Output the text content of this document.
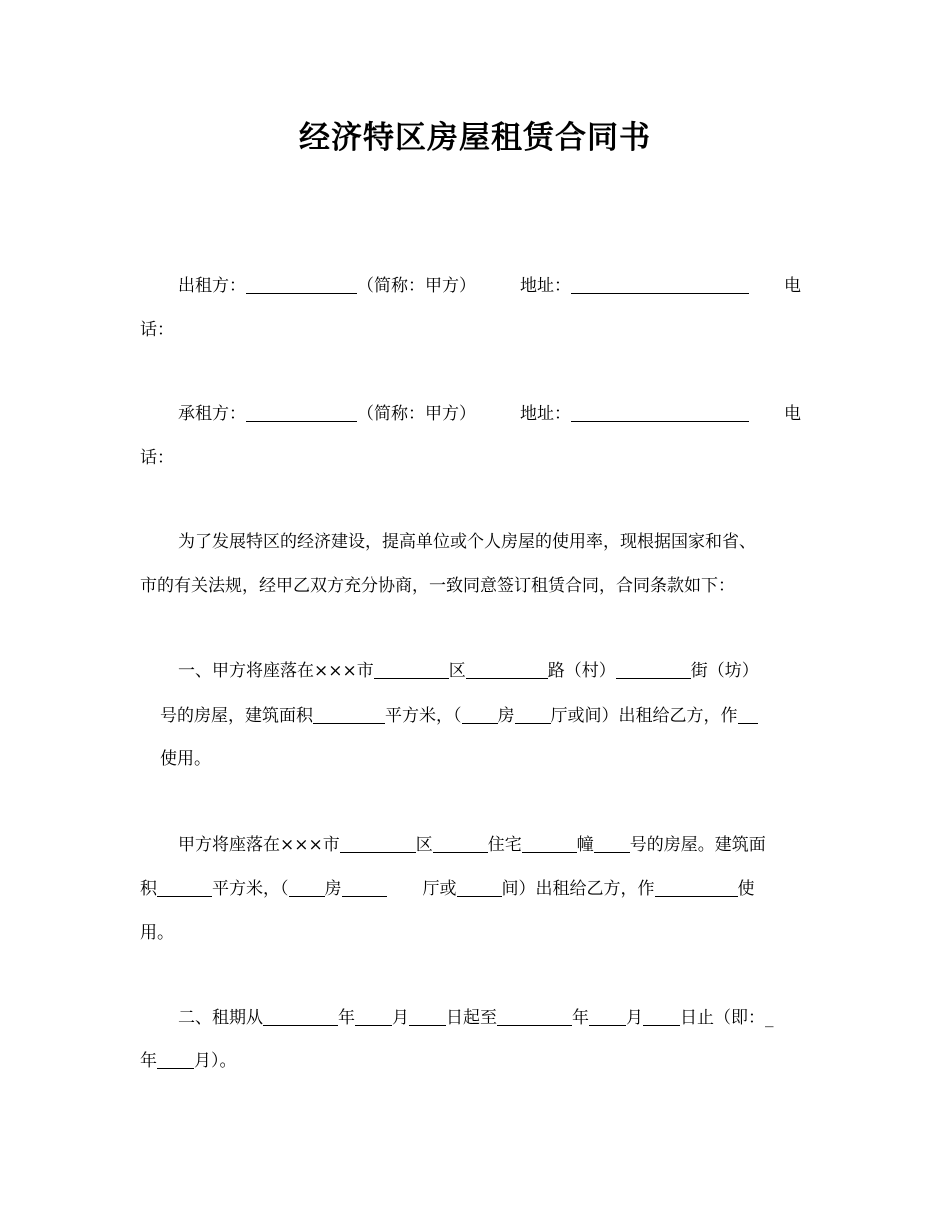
经济特区房屋租赁合同书
出租方：	（简称：甲方）	地址：	电
话：
承租方：	（简称：甲方）	地址：	电
话：
为了发展特区的经济建设，提高单位或个人房屋的使用率，现根据国家和省、
市的有关法规，经甲乙双方充分协商，一致同意签订租赁合同，合同条款如下：
一、甲方将座落在×××市	区	路（村）	街（坊）
号的房屋，建筑面积	平方米，（ 房 厅或间）出租给乙方，作
使用。
甲方将座落在×××市	区	住宅	幢 号的房屋。建筑面
积	平方米，（ 房	厅或	间）出租给乙方，作	使
用。
二、租期从	年 月 日起至	年 月 日止（即：_
年 月）。
